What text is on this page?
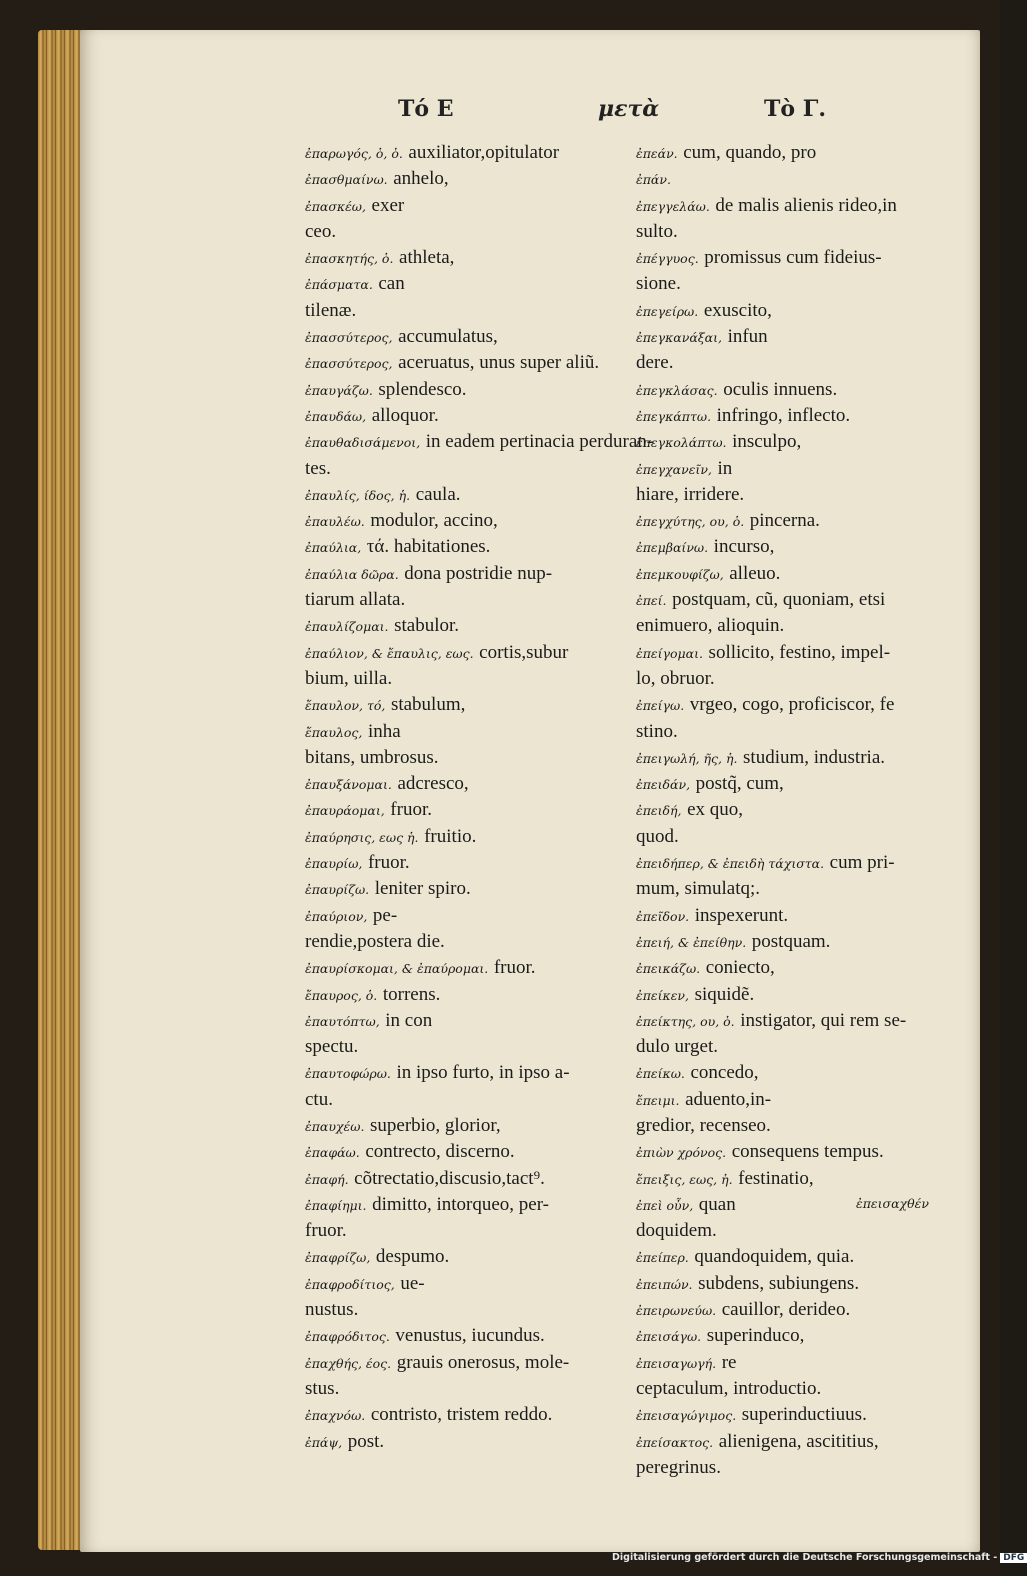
Τό Ε	μετὰ	Τὸ Γ.
ἐπαρωγός, ὁ, ὁ. auxiliator,opitulator
ἐπασθμαίνω. anhelo,
ἐπασκέω, exer
ceo.
ἐπασκητής, ὁ. athleta,
ἐπάσματα. can
tilenæ.
ἐπασσύτερος, accumulatus,
ἐπασσύτερος, aceruatus, unus super aliũ.
ἐπαυγάζω. splendesco.
ἐπαυδάω, alloquor.
ἐπαυθαδισάμενοι, in eadem pertinacia perduran-
tes.
ἐπαυλίς, ίδος, ἡ. caula.
ἐπαυλέω. modulor, accino,
ἐπαύλια, τά. habitationes.
ἐπαύλια δῶρα. dona postridie nup-
tiarum allata.
ἐπαυλίζομαι. stabulor.
ἐπαύλιον, & ἔπαυλις, εως. cortis,subur
bium, uilla.
ἔπαυλον, τό, stabulum,
ἔπαυλος, inha
bitans, umbrosus.
ἐπαυξάνομαι. adcresco,
ἐπαυράομαι, fruor.
ἐπαύρησις, εως ἡ. fruitio.
ἐπαυρίω, fruor.
ἐπαυρίζω. leniter spiro.
ἐπαύριον, pe-
rendie,postera die.
ἐπαυρίσκομαι, & ἐπαύρομαι. fruor.
ἔπαυρος, ὁ. torrens.
ἐπαυτόπτω, in con
spectu.
ἐπαυτοφώρω. in ipso furto, in ipso a-
ctu.
ἐπαυχέω. superbio, glorior,
ἐπαφάω. contrecto, discerno.
ἐπαφή. cõtrectatio,discusio,tact⁹.
ἐπαφίημι. dimitto, intorqueo, per-
fruor.
ἐπαφρίζω, despumo.
ἐπαφροδίτιος, ue-
nustus.
ἐπαφρόδιτος. venustus, iucundus.
ἐπαχθής, έος. grauis onerosus, mole-
stus.
ἐπαχνόω. contristo, tristem reddo.
ἐπάψ, post.
ἐπεάν. cum, quando, pro
ἐπάν.
ἐπεγγελάω. de malis alienis rideo,in
sulto.
ἐπέγγυος. promissus cum fideius-
sione.
ἐπεγείρω. exuscito,
ἐπεγκανάξαι, infun
dere.
ἐπεγκλάσας. oculis innuens.
ἐπεγκάπτω. infringo, inflecto.
ἐπεγκολάπτω. insculpo,
ἐπεγχανεῖν, in
hiare, irridere.
ἐπεγχύτης, ου, ὁ. pincerna.
ἐπεμβαίνω. incurso,
ἐπεμκουφίζω, alleuo.
ἐπεί. postquam, cũ, quoniam, etsi
enimuero, alioquin.
ἐπείγομαι. sollicito, festino, impel-
lo, obruor.
ἐπείγω. vrgeo, cogo, proficiscor, fe
stino.
ἐπειγωλή, ῆς, ἡ. studium, industria.
ἐπειδάν, postq̃, cum,
ἐπειδή, ex quo,
quod.
ἐπειδήπερ, & ἐπειδὴ τάχιστα. cum pri-
mum, simulatq;.
ἐπεῖδον. inspexerunt.
ἐπειή, & ἐπείθην. postquam.
ἐπεικάζω. coniecto,
ἐπείκεν, siquidẽ.
ἐπείκτης, ου, ὁ. instigator, qui rem se-
dulo urget.
ἐπείκω. concedo,
ἔπειμι. aduento,in-
gredior, recenseo.
ἐπιὼν χρόνος. consequens tempus.
ἔπειξις, εως, ἡ. festinatio,
ἐπεὶ οὖν, quan
doquidem.
ἐπείπερ. quandoquidem, quia.
ἐπειπών. subdens, subiungens.
ἐπειρωνεύω. cauillor, derideo.
ἐπεισάγω. superinduco,
ἐπεισαγωγή. re
ceptaculum, introductio.
ἐπεισαγώγιμος. superinductiuus.
ἐπείσακτος. alienigena, ascititius,
peregrinus.
ἐπεισαχθέν
Digitalisierung gefördert durch die Deutsche Forschungsgemeinschaft - DFG
